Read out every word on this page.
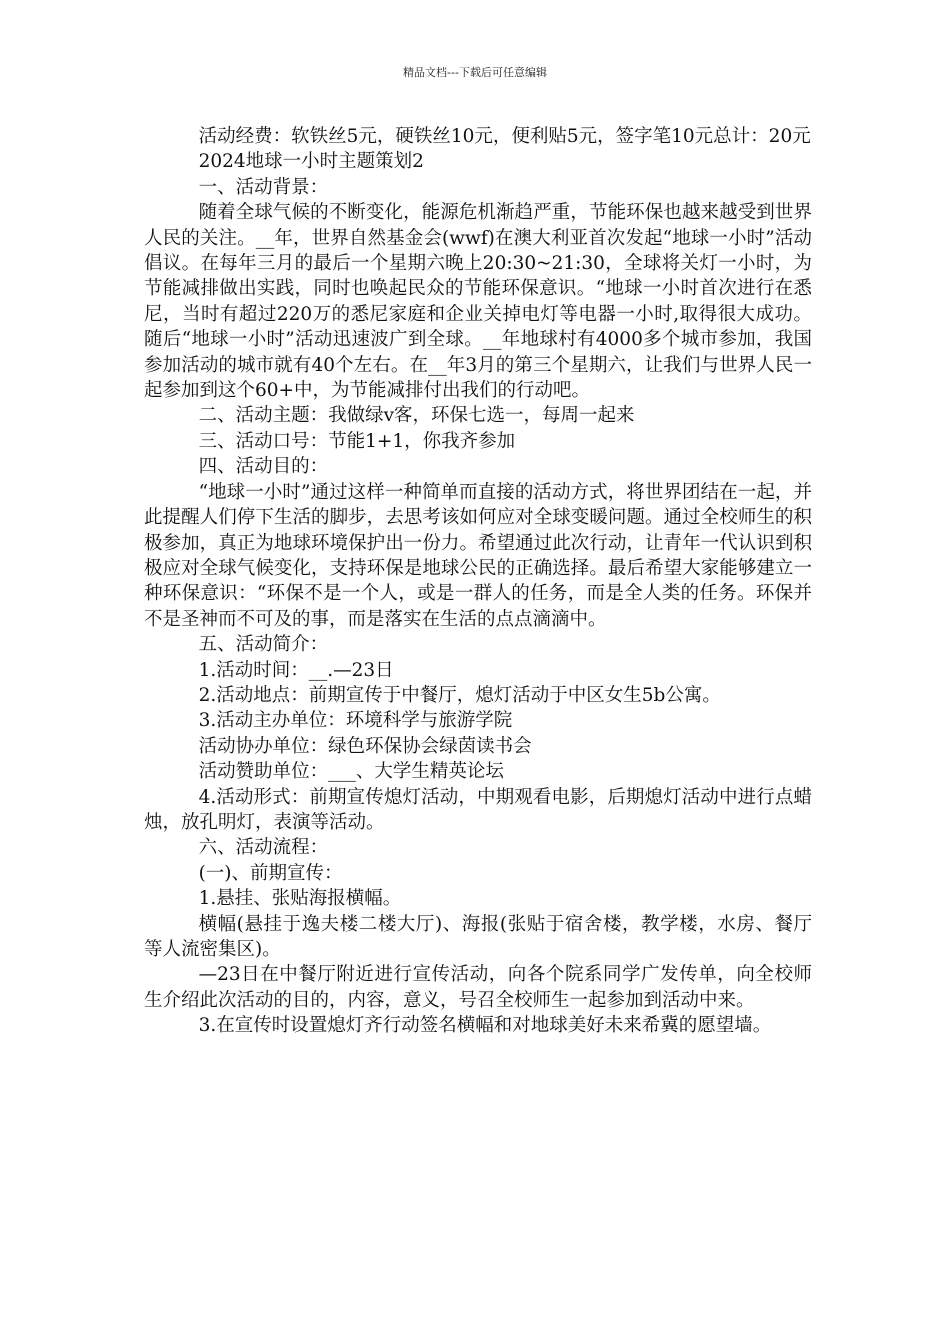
精品文档---下载后可任意编辑

活动经费：软铁丝5元，硬铁丝10元，便利贴5元，签字笔10元总计：20元

2024地球一小时主题策划2

一、活动背景：

随着全球气候的不断变化，能源危机渐趋严重，节能环保也越来越受到世界人民的关注。__年，世界自然基金会(wwf)在澳大利亚首次发起“地球一小时”活动倡议。在每年三月的最后一个星期六晚上20:30~21:30，全球将关灯一小时，为节能减排做出实践，同时也唤起民众的节能环保意识。“地球一小时首次进行在悉尼，当时有超过220万的悉尼家庭和企业关掉电灯等电器一小时,取得很大成功。随后“地球一小时”活动迅速波广到全球。__年地球村有4000多个城市参加，我国参加活动的城市就有40个左右。在__年3月的第三个星期六，让我们与世界人民一起参加到这个60+中，为节能减排付出我们的行动吧。

二、活动主题：我做绿v客，环保七选一，每周一起来

三、活动口号：节能1+1，你我齐参加

四、活动目的：

“地球一小时”通过这样一种简单而直接的活动方式，将世界团结在一起，并此提醒人们停下生活的脚步，去思考该如何应对全球变暖问题。通过全校师生的积极参加，真正为地球环境保护出一份力。希望通过此次行动，让青年一代认识到积极应对全球气候变化，支持环保是地球公民的正确选择。最后希望大家能够建立一种环保意识：“环保不是一个人，或是一群人的任务，而是全人类的任务。环保并不是圣神而不可及的事，而是落实在生活的点点滴滴中。

五、活动简介：

1.活动时间：__.—23日

2.活动地点：前期宣传于中餐厅，熄灯活动于中区女生5b公寓。

3.活动主办单位：环境科学与旅游学院

活动协办单位：绿色环保协会绿茵读书会

活动赞助单位：___、大学生精英论坛

4.活动形式：前期宣传熄灯活动，中期观看电影，后期熄灯活动中进行点蜡烛，放孔明灯，表演等活动。

六、活动流程：

(一)、前期宣传：

1.悬挂、张贴海报横幅。

横幅(悬挂于逸夫楼二楼大厅)、海报(张贴于宿舍楼，教学楼，水房、餐厅等人流密集区)。

—23日在中餐厅附近进行宣传活动，向各个院系同学广发传单，向全校师生介绍此次活动的目的，内容，意义，号召全校师生一起参加到活动中来。

3.在宣传时设置熄灯齐行动签名横幅和对地球美好未来希冀的愿望墙。
